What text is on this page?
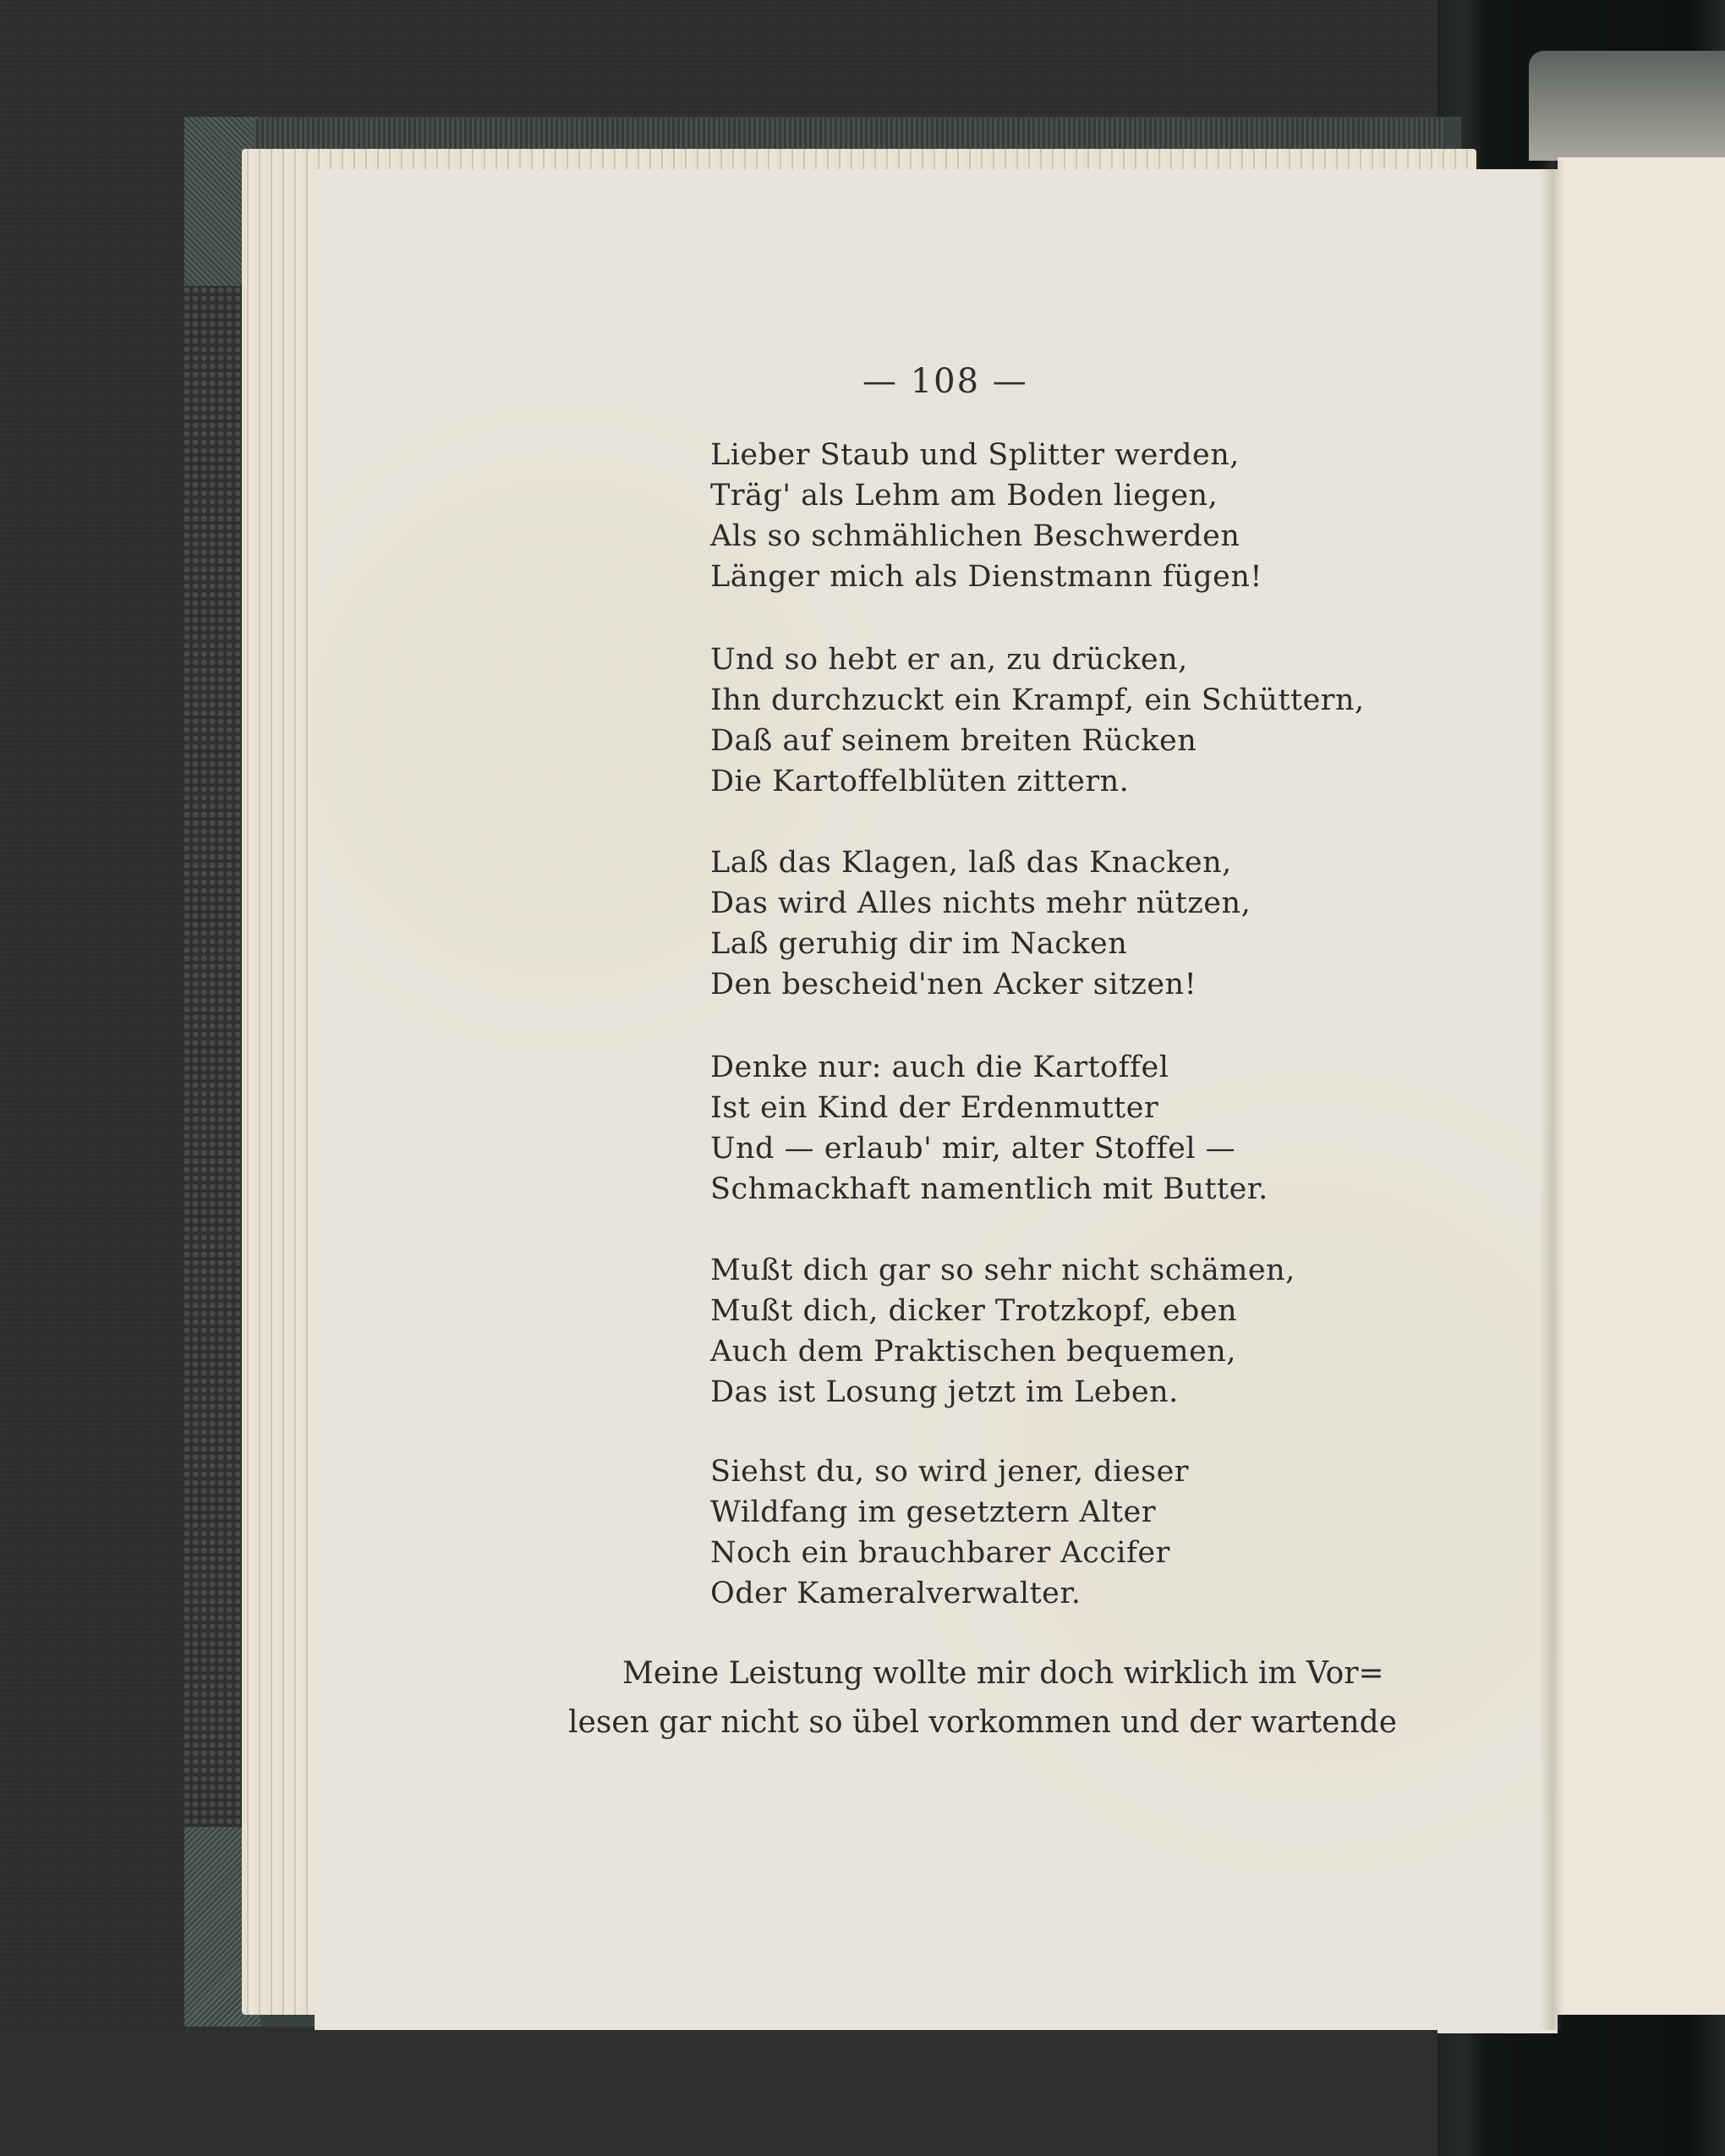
— 108 —
Lieber Staub und Splitter werden,
Träg' als Lehm am Boden liegen,
Als so schmählichen Beschwerden
Länger mich als Dienstmann fügen!
Und so hebt er an, zu drücken,
Ihn durchzuckt ein Krampf, ein Schüttern,
Daß auf seinem breiten Rücken
Die Kartoffelblüten zittern.
Laß das Klagen, laß das Knacken,
Das wird Alles nichts mehr nützen,
Laß geruhig dir im Nacken
Den bescheid'nen Acker sitzen!
Denke nur: auch die Kartoffel
Ist ein Kind der Erdenmutter
Und — erlaub' mir, alter Stoffel —
Schmackhaft namentlich mit Butter.
Mußt dich gar so sehr nicht schämen,
Mußt dich, dicker Trotzkopf, eben
Auch dem Praktischen bequemen,
Das ist Losung jetzt im Leben.
Siehst du, so wird jener, dieser
Wildfang im gesetztern Alter
Noch ein brauchbarer Accifer
Oder Kameralverwalter.
Meine Leistung wollte mir doch wirklich im Vor=
lesen gar nicht so übel vorkommen und der wartende
